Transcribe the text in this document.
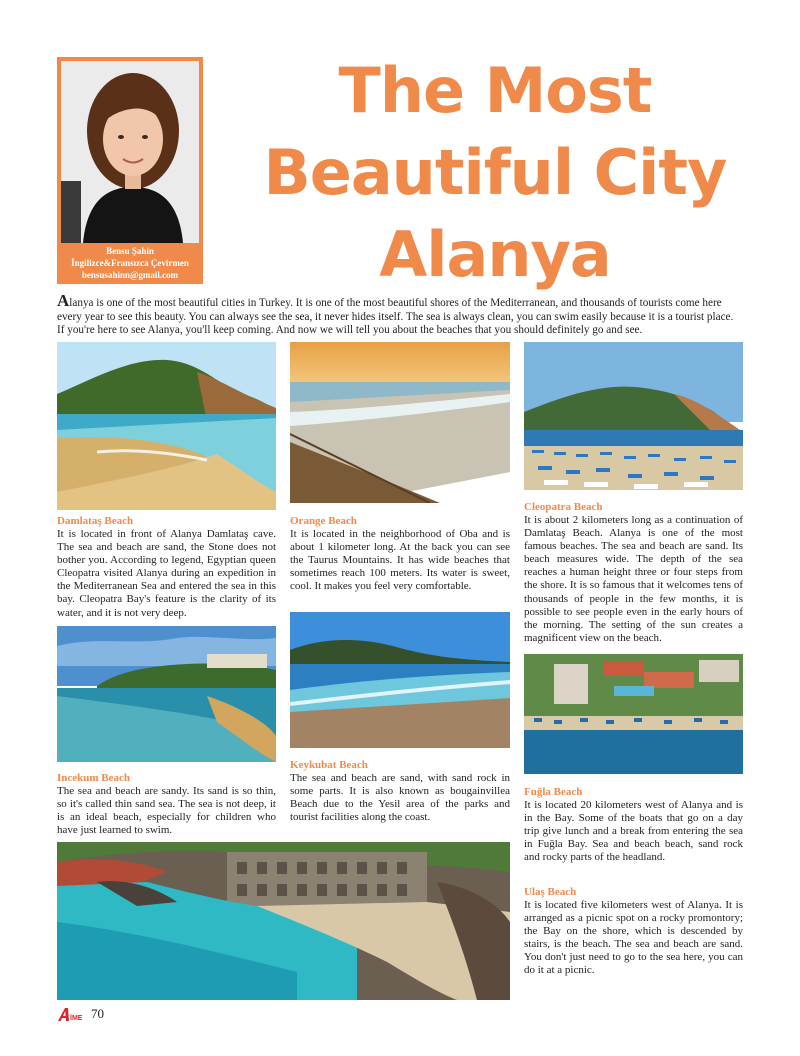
Bensu Şahin
İngilizce&Fransızca Çevirmen
bensusahinn@gmail.com
The Most
Beautiful City
Alanya
Alanya is one of the most beautiful cities in Turkey. It is one of the most beautiful shores of the Mediterranean, and thousands of tourists come here every year to see this beauty. You can always see the sea, it never hides itself. The sea is always clean, you can swim easily because it is a tourist place. If you're here to see Alanya, you'll keep coming. And now we will tell you about the beaches that you should definitely go and see.
Damlataş Beach
It is located in front of Alanya Damlataş cave. The sea and beach are sand, the Stone does not bother you. According to legend, Egyptian queen Cleopatra visited Alanya during an expedition in the Mediterranean Sea and entered the sea in this bay. Cleopatra Bay's feature is the clarity of its water, and it is not very deep.
Orange Beach
It is located in the neighborhood of Oba and is about 1 kilometer long. At the back you can see the Taurus Mountains. It has wide beaches that sometimes reach 100 meters. Its water is sweet, cool. It makes you feel very comfortable.
Cleopatra Beach
It is about 2 kilometers long as a continuation of Damlataş Beach. Alanya is one of the most famous beaches. The sea and beach are sand. Its beach measures wide. The depth of the sea reaches a human height three or four steps from the shore. It is so famous that it welcomes tens of thousands of people in the few months, it is possible to see people even in the early hours of the morning. The setting of the sun creates a magnificent view on the beach.
Incekum Beach
The sea and beach are sandy. Its sand is so thin, so it's called thin sand sea. The sea is not deep, it is an ideal beach, especially for children who have just learned to swim.
Keykubat Beach
The sea and beach are sand, with sand rock in some parts. It is also known as bougainvillea Beach due to the Yesil area of the parks and tourist facilities along the coast.
Fuğla Beach
It is located 20 kilometers west of Alanya and is in the Bay. Some of the boats that go on a day trip give lunch and a break from entering the sea in Fuğla Bay. Sea and beach beach, sand rock and rocky parts of the headland.
Ulaş Beach
It is located five kilometers west of Alanya. It is arranged as a picnic spot on a rocky promontory; the Bay on the shore, which is descended by stairs, is the beach. The sea and beach are sand. You don't just need to go to the sea here, you can do it at a picnic.
İME 70
